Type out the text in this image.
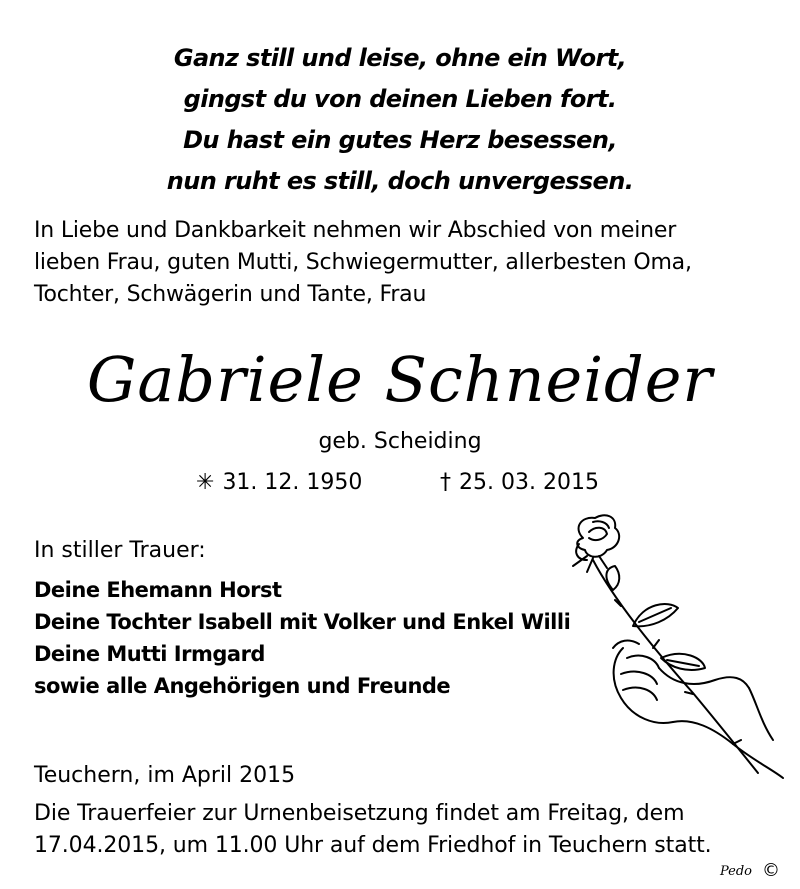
Ganz still und leise, ohne ein Wort,
gingst du von deinen Lieben fort.
Du hast ein gutes Herz besessen,
nun ruht es still, doch unvergessen.
In Liebe und Dankbarkeit nehmen wir Abschied von meiner
lieben Frau, guten Mutti, Schwiegermutter, allerbesten Oma,
Tochter, Schwägerin und Tante, Frau
Gabriele Schneider
geb. Scheiding
✳ 31. 12. 1950	† 25. 03. 2015
In stiller Trauer:
Deine Ehemann Horst
Deine Tochter Isabell mit Volker und Enkel Willi
Deine Mutti Irmgard
sowie alle Angehörigen und Freunde
Teuchern, im April 2015
Die Trauerfeier zur Urnenbeisetzung findet am Freitag, dem
17.04.2015, um 11.00 Uhr auf dem Friedhof in Teuchern statt.
Pedo ©
